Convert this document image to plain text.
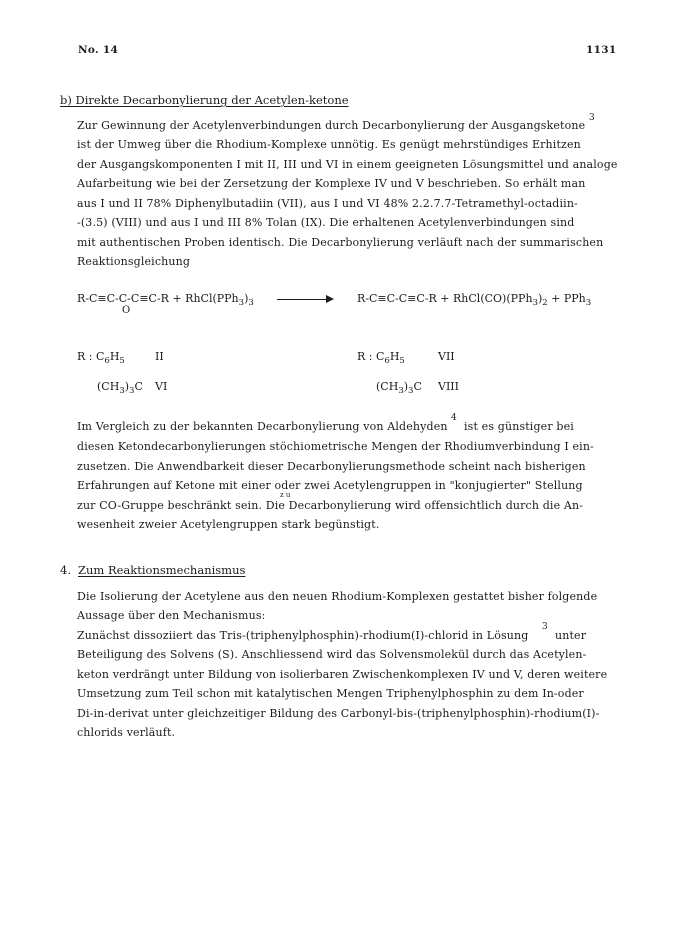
No. 14	1131
b) Direkte Decarbonylierung der Acetylen-ketone
Zur Gewinnung der Acetylenverbindungen durch Decarbonylierung der Ausgangsketone
3
ist der Umweg über die Rhodium-Komplexe unnötig. Es genügt mehrstündiges Erhitzen
der Ausgangskomponenten I mit II, III und VI in einem geeigneten Lösungsmittel und analoge
Aufarbeitung wie bei der Zersetzung der Komplexe IV und V beschrieben. So erhält man
aus I und II 78% Diphenylbutadiin (VII), aus I und VI 48% 2.2.7.7-Tetramethyl-octadiin-
-(3.5) (VIII) und aus I und III 8% Tolan (IX). Die erhaltenen Acetylenverbindungen sind
mit authentischen Proben identisch. Die Decarbonylierung verläuft nach der summarischen
Reaktionsgleichung
$R-C\equiv C-C-C\equiv C-R + RhCl(PPh_3)_3$
O
$R-C\equiv C-C\equiv C-R + RhCl(CO)(PPh_3)_2 + PPh_3$
R : $C_6H_5$	II
$(CH_3)_3C$ VI
R : $C_6H_5$	VII
$(CH_3)_3C$ VIII
Im Vergleich zu der bekannten Decarbonylierung von Aldehyden
4
ist es günstiger bei
diesen Ketondecarbonylierungen stöchiometrische Mengen der Rhodiumverbindung I ein-
zusetzen. Die Anwendbarkeit dieser Decarbonylierungsmethode scheint nach bisherigen
Erfahrungen auf Ketone mit einer oder zwei Acetylengruppen in "konjugierter" Stellung
z u
zur CO-Gruppe beschränkt sein. Die Decarbonylierung wird offensichtlich durch die An-
wesenheit zweier Acetylengruppen stark begünstigt.
4. Zum Reaktionsmechanismus
Die Isolierung der Acetylene aus den neuen Rhodium-Komplexen gestattet bisher folgende
Aussage über den Mechanismus:
Zunächst dissoziiert das Tris-(triphenylphosphin)-rhodium(I)-chlorid in Lösung
3
unter
Beteiligung des Solvens (S). Anschliessend wird das Solvensmolekül durch das Acetylen-
keton verdrängt unter Bildung von isolierbaren Zwischenkomplexen IV und V, deren weitere
Umsetzung zum Teil schon mit katalytischen Mengen Triphenylphosphin zu dem In-oder
Di-in-derivat unter gleichzeitiger Bildung des Carbonyl-bis-(triphenylphosphin)-rhodium(I)-
chlorids verläuft.
